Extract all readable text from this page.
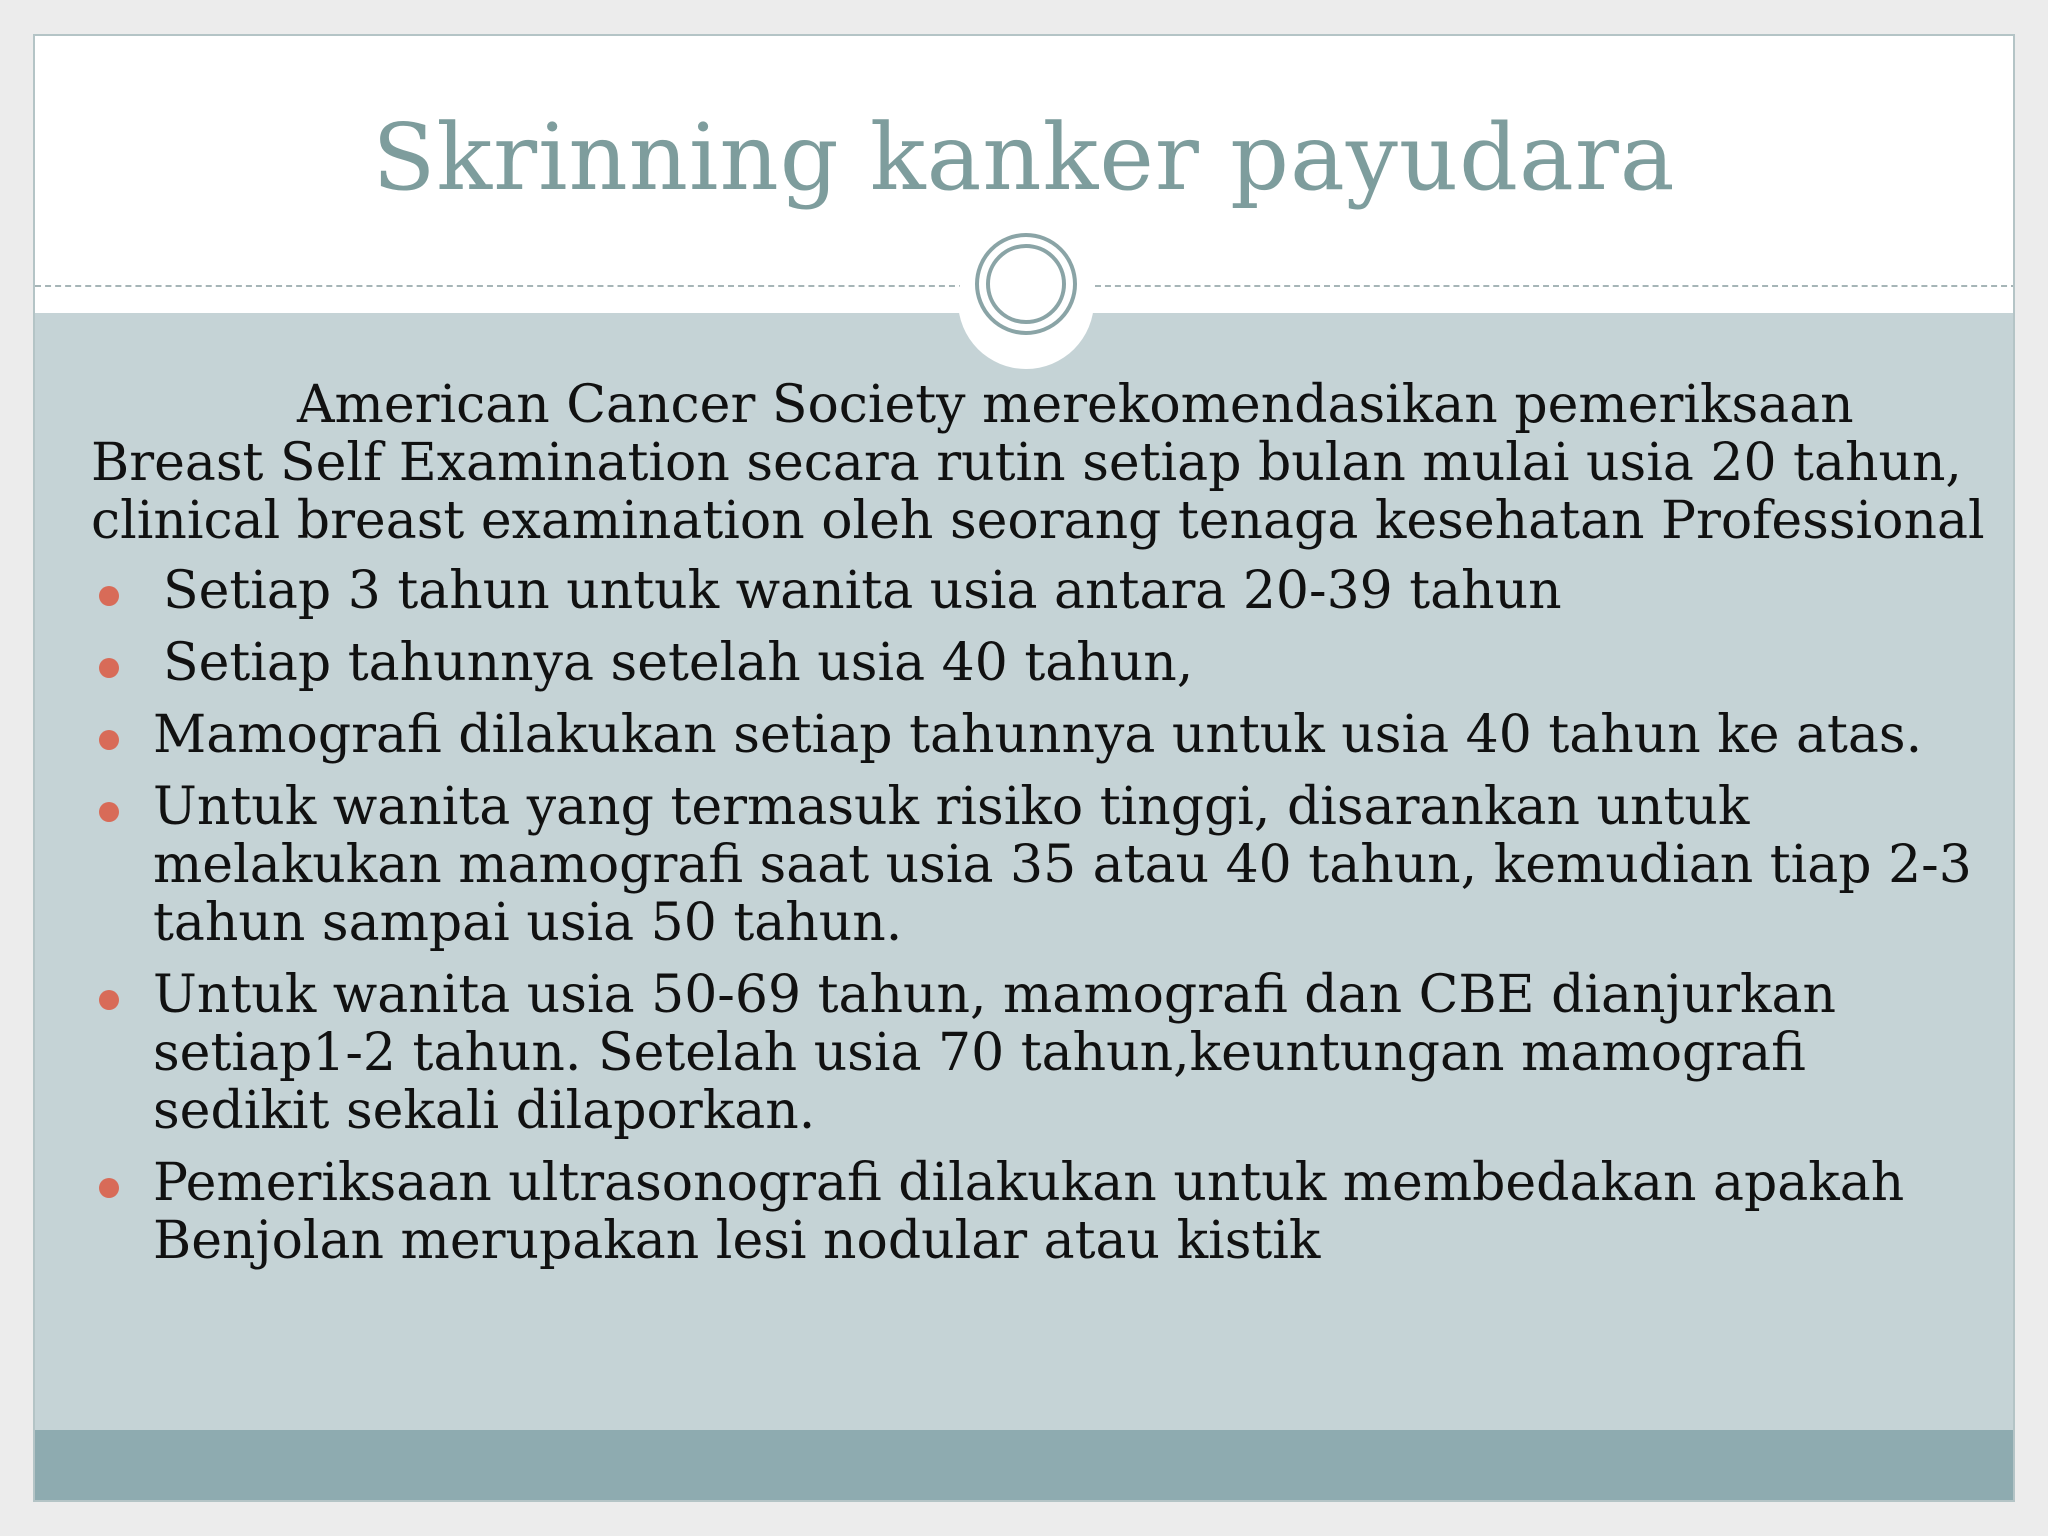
Skrinning kanker payudara

American Cancer Society merekomendasikan pemeriksaan Breast Self Examination secara rutin setiap bulan mulai usia 20 tahun, clinical breast examination oleh seorang tenaga kesehatan Professional

Setiap 3 tahun untuk wanita usia antara 20-39 tahun
Setiap tahunnya setelah usia 40 tahun,
Mamografi dilakukan setiap tahunnya untuk usia 40 tahun ke atas.
Untuk wanita yang termasuk risiko tinggi, disarankan untuk melakukan mamografi saat usia 35 atau 40 tahun, kemudian tiap 2-3 tahun sampai usia 50 tahun.
Untuk wanita usia 50-69 tahun, mamografi dan CBE dianjurkan setiap1-2 tahun. Setelah usia 70 tahun,keuntungan mamografi sedikit sekali dilaporkan.
Pemeriksaan ultrasonografi dilakukan untuk membedakan apakah Benjolan merupakan lesi nodular atau kistik
